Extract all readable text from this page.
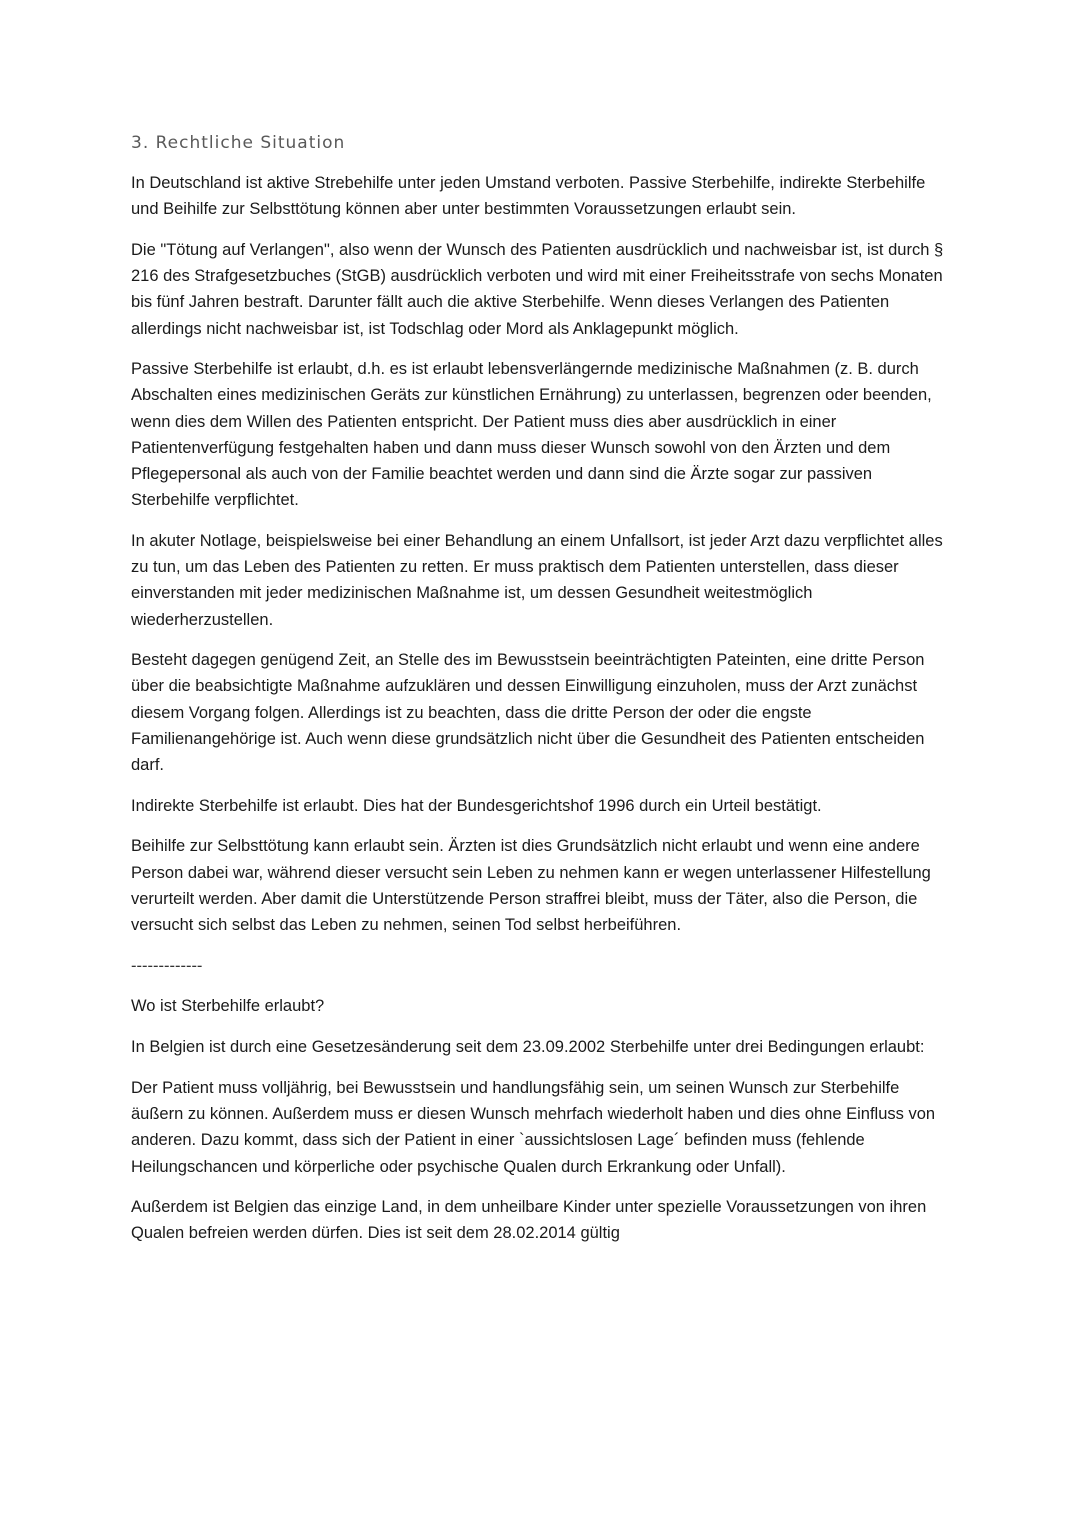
3. Rechtliche Situation

In Deutschland ist aktive Strebehilfe unter jeden Umstand verboten. Passive Sterbehilfe, indirekte Sterbehilfe und Beihilfe zur Selbsttötung können aber unter bestimmten Voraussetzungen erlaubt sein.

Die "Tötung auf Verlangen", also wenn der Wunsch des Patienten ausdrücklich und nachweisbar ist, ist durch § 216 des Strafgesetzbuches (StGB) ausdrücklich verboten und wird mit einer Freiheitsstrafe von sechs Monaten bis fünf Jahren bestraft. Darunter fällt auch die aktive Sterbehilfe. Wenn dieses Verlangen des Patienten allerdings nicht nachweisbar ist, ist Todschlag oder Mord als Anklagepunkt möglich.

Passive Sterbehilfe ist erlaubt, d.h. es ist erlaubt lebensverlängernde medizinische Maßnahmen (z. B. durch Abschalten eines medizinischen Geräts zur künstlichen Ernährung) zu unterlassen, begrenzen oder beenden, wenn dies dem Willen des Patienten entspricht. Der Patient muss dies aber ausdrücklich in einer Patientenverfügung festgehalten haben und dann muss dieser Wunsch sowohl von den Ärzten und dem Pflegepersonal als auch von der Familie beachtet werden und dann sind die Ärzte sogar zur passiven Sterbehilfe verpflichtet.

In akuter Notlage, beispielsweise bei einer Behandlung an einem Unfallsort, ist jeder Arzt dazu verpflichtet alles zu tun, um das Leben des Patienten zu retten. Er muss praktisch dem Patienten unterstellen, dass dieser einverstanden mit jeder medizinischen Maßnahme ist, um dessen Gesundheit weitestmöglich wiederherzustellen.

Besteht dagegen genügend Zeit, an Stelle des im Bewusstsein beeinträchtigten Pateinten, eine dritte Person über die beabsichtigte Maßnahme aufzuklären und dessen Einwilligung einzuholen, muss der Arzt zunächst diesem Vorgang folgen. Allerdings ist zu beachten, dass die dritte Person der oder die engste Familienangehörige ist. Auch wenn diese grundsätzlich nicht über die Gesundheit des Patienten entscheiden darf.

Indirekte Sterbehilfe ist erlaubt. Dies hat der Bundesgerichtshof 1996 durch ein Urteil bestätigt.

Beihilfe zur Selbsttötung kann erlaubt sein. Ärzten ist dies Grundsätzlich nicht erlaubt und wenn eine andere Person dabei war, während dieser versucht sein Leben zu nehmen kann er wegen unterlassener Hilfestellung verurteilt werden. Aber damit die Unterstützende Person straffrei bleibt, muss der Täter, also die Person, die versucht sich selbst das Leben zu nehmen, seinen Tod selbst herbeiführen.

-------------

Wo ist Sterbehilfe erlaubt?

In Belgien ist durch eine Gesetzesänderung seit dem 23.09.2002 Sterbehilfe unter drei Bedingungen erlaubt:

Der Patient muss volljährig, bei Bewusstsein und handlungsfähig sein, um seinen Wunsch zur Sterbehilfe äußern zu können. Außerdem muss er diesen Wunsch mehrfach wiederholt haben und dies ohne Einfluss von anderen. Dazu kommt, dass sich der Patient in einer `aussichtslosen Lage´ befinden muss (fehlende Heilungschancen und körperliche oder psychische Qualen durch Erkrankung oder Unfall).

Außerdem ist Belgien das einzige Land, in dem unheilbare Kinder unter spezielle Voraussetzungen von ihren Qualen befreien werden dürfen. Dies ist seit dem 28.02.2014 gültig
